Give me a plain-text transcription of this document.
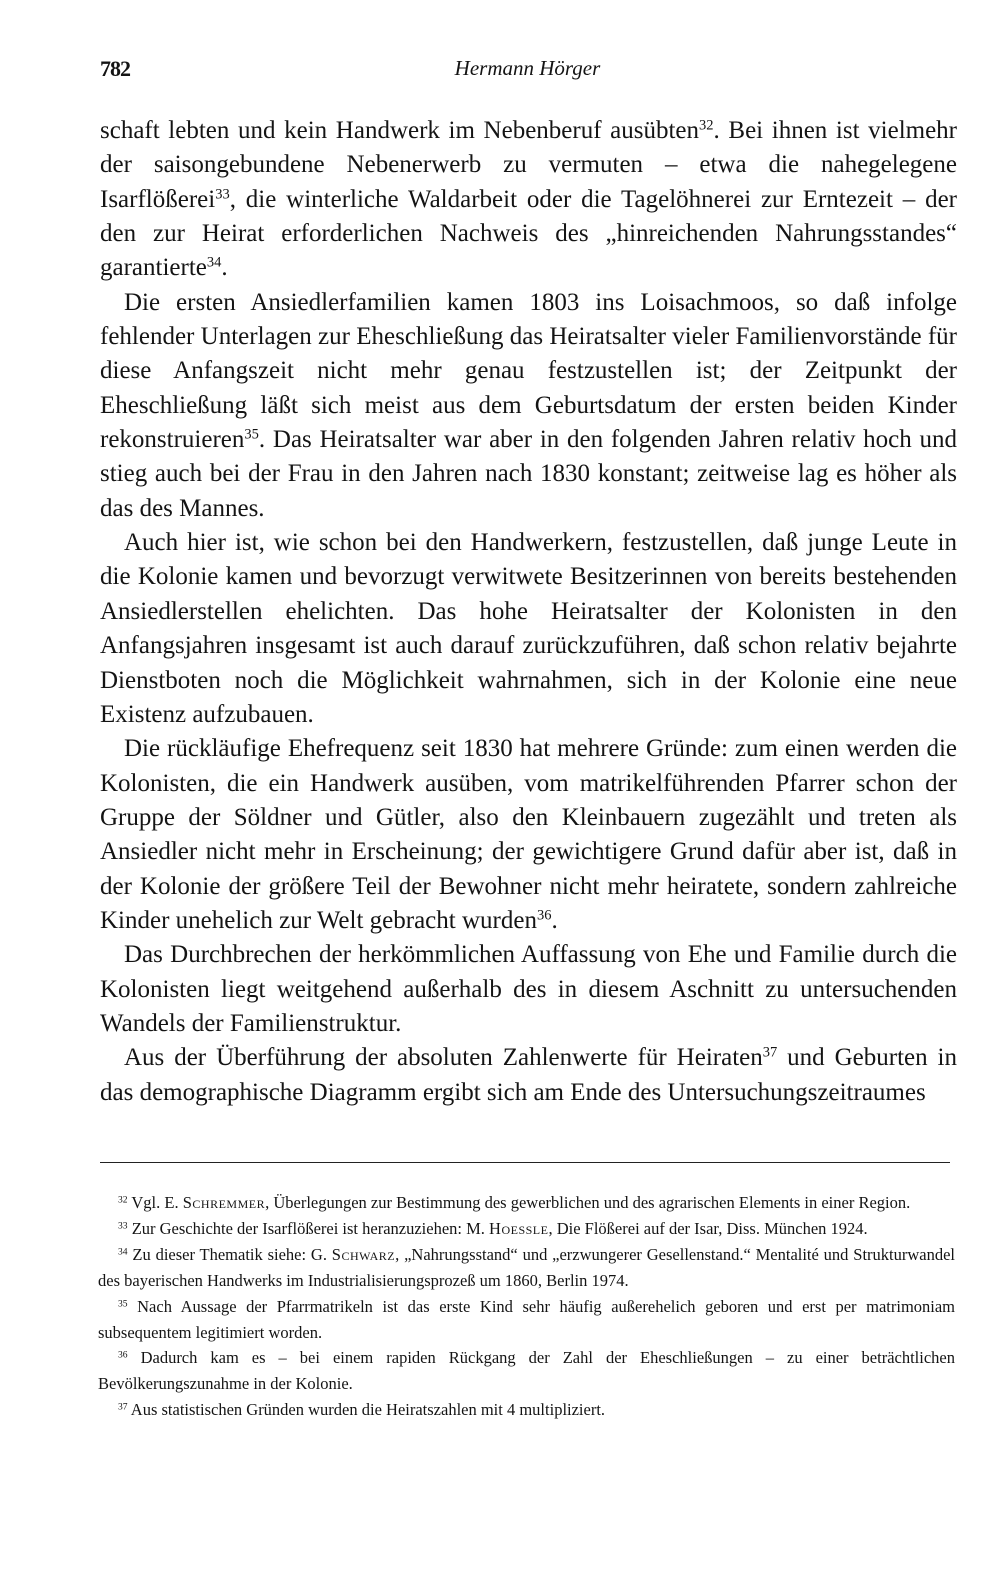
782	Hermann Hörger

schaft lebten und kein Handwerk im Nebenberuf ausübten$^{32}$. Bei ihnen ist vielmehr der saisongebundene Nebenerwerb zu vermuten – etwa die nahegelegene Isarflößerei$^{33}$, die winterliche Waldarbeit oder die Tagelöhnerei zur Erntezeit – der den zur Heirat erforderlichen Nachweis des „hinreichenden Nahrungsstandes“ garantierte$^{34}$.

Die ersten Ansiedlerfamilien kamen 1803 ins Loisachmoos, so daß infolge fehlender Unterlagen zur Eheschließung das Heiratsalter vieler Familienvorstände für diese Anfangszeit nicht mehr genau festzustellen ist; der Zeitpunkt der Eheschließung läßt sich meist aus dem Geburtsdatum der ersten beiden Kinder rekonstruieren$^{35}$. Das Heiratsalter war aber in den folgenden Jahren relativ hoch und stieg auch bei der Frau in den Jahren nach 1830 konstant; zeitweise lag es höher als das des Mannes.

Auch hier ist, wie schon bei den Handwerkern, festzustellen, daß junge Leute in die Kolonie kamen und bevorzugt verwitwete Besitzerinnen von bereits bestehenden Ansiedlerstellen ehelichten. Das hohe Heiratsalter der Kolonisten in den Anfangsjahren insgesamt ist auch darauf zurückzuführen, daß schon relativ bejahrte Dienstboten noch die Möglichkeit wahrnahmen, sich in der Kolonie eine neue Existenz aufzubauen.

Die rückläufige Ehefrequenz seit 1830 hat mehrere Gründe: zum einen werden die Kolonisten, die ein Handwerk ausüben, vom matrikelführenden Pfarrer schon der Gruppe der Söldner und Gütler, also den Kleinbauern zugezählt und treten als Ansiedler nicht mehr in Erscheinung; der gewichtigere Grund dafür aber ist, daß in der Kolonie der größere Teil der Bewohner nicht mehr heiratete, sondern zahlreiche Kinder unehelich zur Welt gebracht wurden$^{36}$.

Das Durchbrechen der herkömmlichen Auffassung von Ehe und Familie durch die Kolonisten liegt weitgehend außerhalb des in diesem Aschnitt zu untersuchenden Wandels der Familienstruktur.

Aus der Überführung der absoluten Zahlenwerte für Heiraten$^{37}$ und Geburten in das demographische Diagramm ergibt sich am Ende des Untersuchungszeitraumes

$^{32}$ Vgl. E. Schremmer, Überlegungen zur Bestimmung des gewerblichen und des agrarischen Elements in einer Region.

$^{33}$ Zur Geschichte der Isarflößerei ist heranzuziehen: M. Hoessle, Die Flößerei auf der Isar, Diss. München 1924.

$^{34}$ Zu dieser Thematik siehe: G. Schwarz, „Nahrungsstand“ und „erzwungerer Gesellenstand.“ Mentalité und Strukturwandel des bayerischen Handwerks im Industrialisierungsprozeß um 1860, Berlin 1974.

$^{35}$ Nach Aussage der Pfarrmatrikeln ist das erste Kind sehr häufig außerehelich geboren und erst per matrimoniam subsequentem legitimiert worden.

$^{36}$ Dadurch kam es – bei einem rapiden Rückgang der Zahl der Eheschließungen – zu einer beträchtlichen Bevölkerungszunahme in der Kolonie.

$^{37}$ Aus statistischen Gründen wurden die Heiratszahlen mit 4 multipliziert.
